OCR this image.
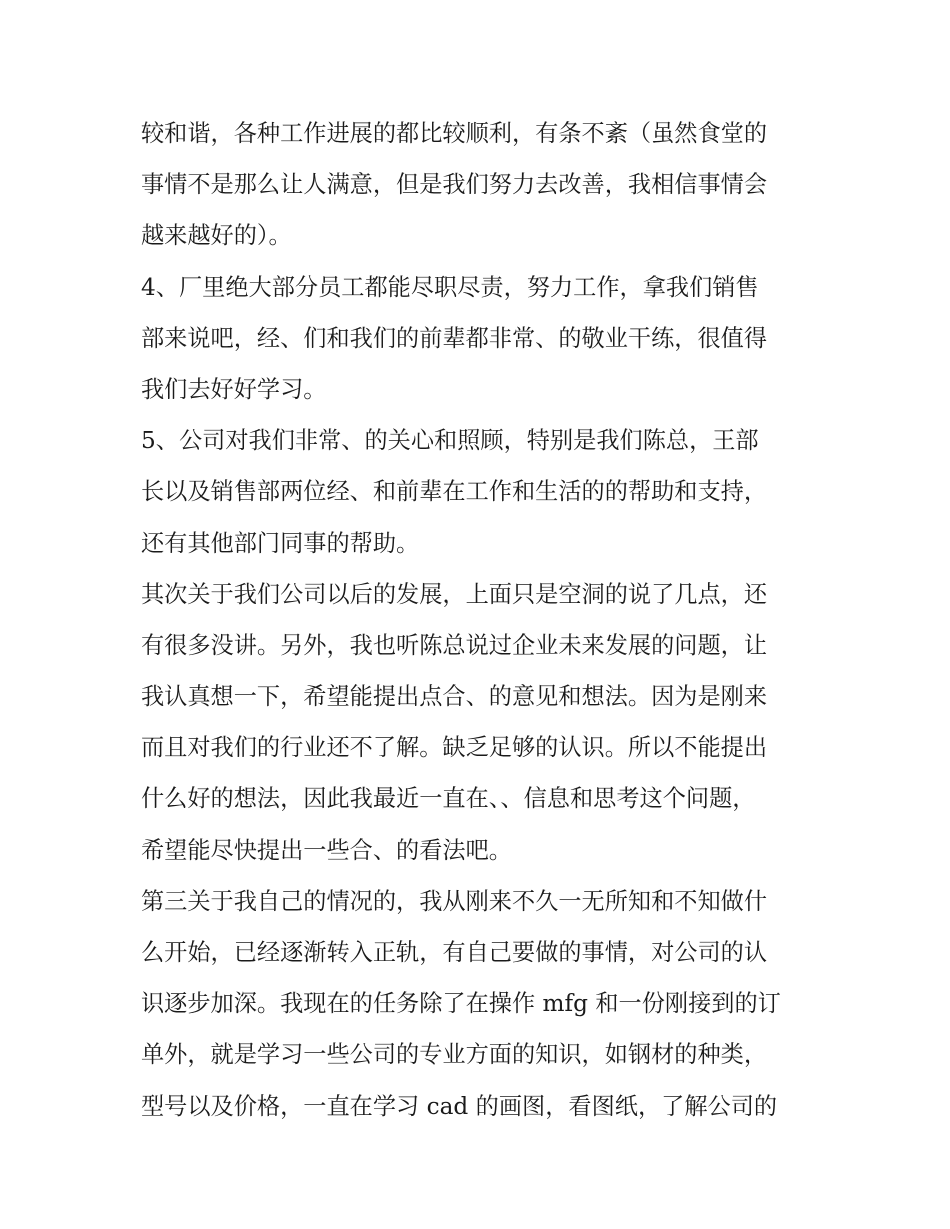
较和谐，各种工作进展的都比较顺利，有条不紊（虽然食堂的
事情不是那么让人满意，但是我们努力去改善，我相信事情会
越来越好的）。
4、厂里绝大部分员工都能尽职尽责，努力工作，拿我们销售
部来说吧，经、们和我们的前辈都非常、的敬业干练，很值得
我们去好好学习。
5、公司对我们非常、的关心和照顾，特别是我们陈总，王部
长以及销售部两位经、和前辈在工作和生活的的帮助和支持，
还有其他部门同事的帮助。
其次关于我们公司以后的发展，上面只是空洞的说了几点，还
有很多没讲。另外，我也听陈总说过企业未来发展的问题，让
我认真想一下，希望能提出点合、的意见和想法。因为是刚来
而且对我们的行业还不了解。缺乏足够的认识。所以不能提出
什么好的想法，因此我最近一直在、、信息和思考这个问题，
希望能尽快提出一些合、的看法吧。
第三关于我自己的情况的，我从刚来不久一无所知和不知做什
么开始，已经逐渐转入正轨，有自己要做的事情，对公司的认
识逐步加深。我现在的任务除了在操作 mfg 和一份刚接到的订
单外，就是学习一些公司的专业方面的知识，如钢材的种类，
型号以及价格，一直在学习 cad 的画图，看图纸，了解公司的
